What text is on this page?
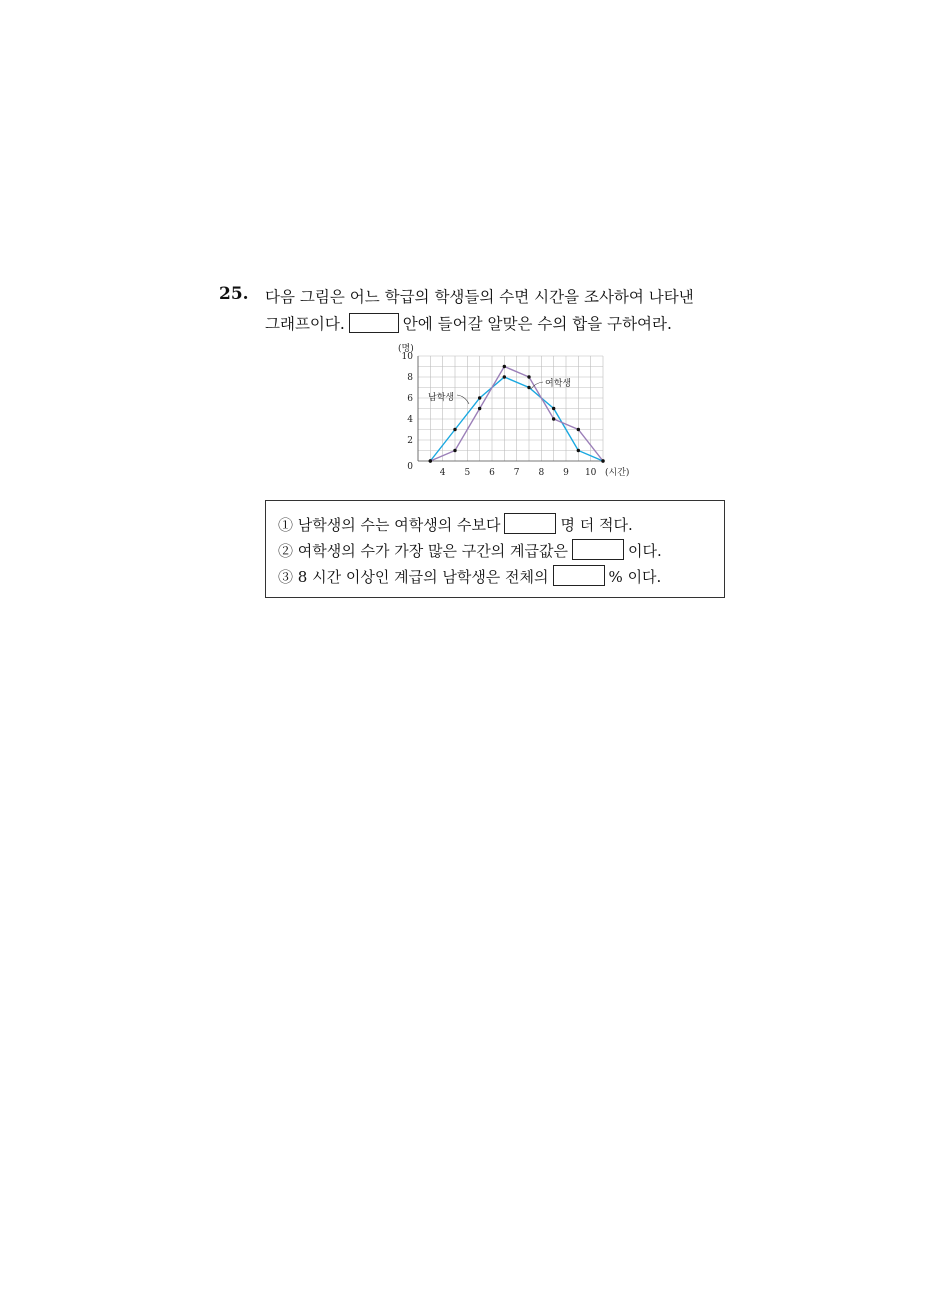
25. 다음 그림은 어느 학급의 학생들의 수면 시간을 조사하여 나타낸
그래프이다.	안에 들어갈 알맞은 수의 합을 구하여라.
(명)
(시간)
0
4 5 6 7 8 9 10
2
4
6
8
10
남학생
여학생
① 남학생의 수는 여학생의 수보다	명 더 적다.
② 여학생의 수가 가장 많은 구간의 계급값은	이다.
③ 8 시간 이상인 계급의 남학생은 전체의	% 이다.
